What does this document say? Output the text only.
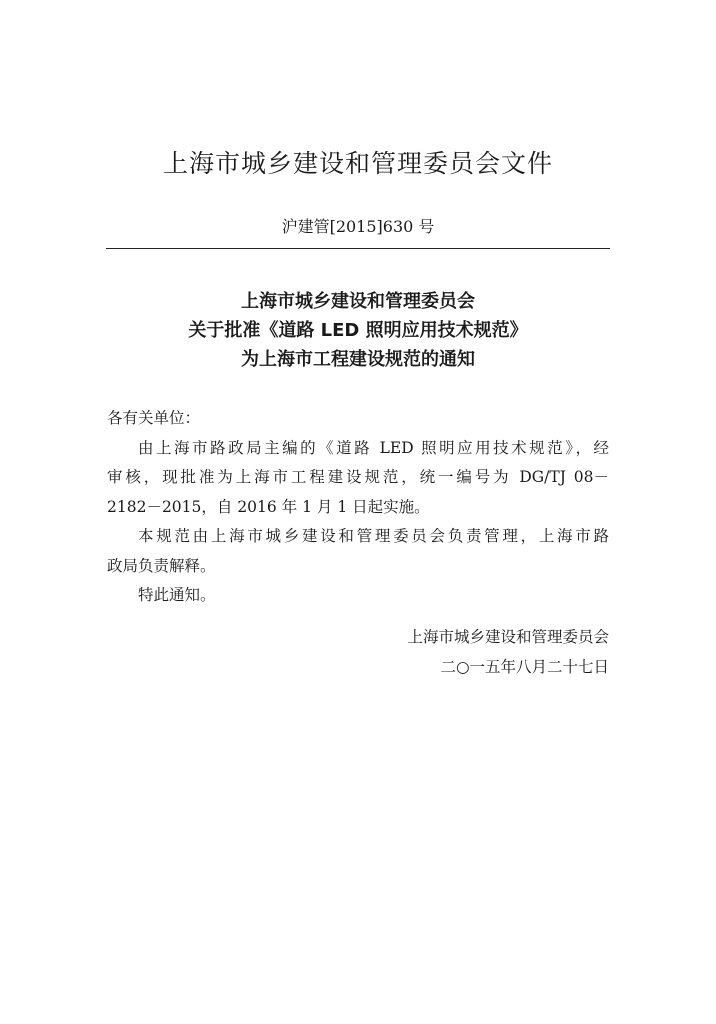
上海市城乡建设和管理委员会文件
沪建管[2015]630 号
上海市城乡建设和管理委员会
关于批准《道路 LED 照明应用技术规范》
为上海市工程建设规范的通知
各有关单位：
由上海市路政局主编的《道路 LED 照明应用技术规范》，经
审核，现批准为上海市工程建设规范，统一编号为 DG/TJ 08－
2182－2015，自 2016 年 1 月 1 日起实施。
本规范由上海市城乡建设和管理委员会负责管理，上海市路
政局负责解释。
特此通知。
上海市城乡建设和管理委员会
二○一五年八月二十七日
